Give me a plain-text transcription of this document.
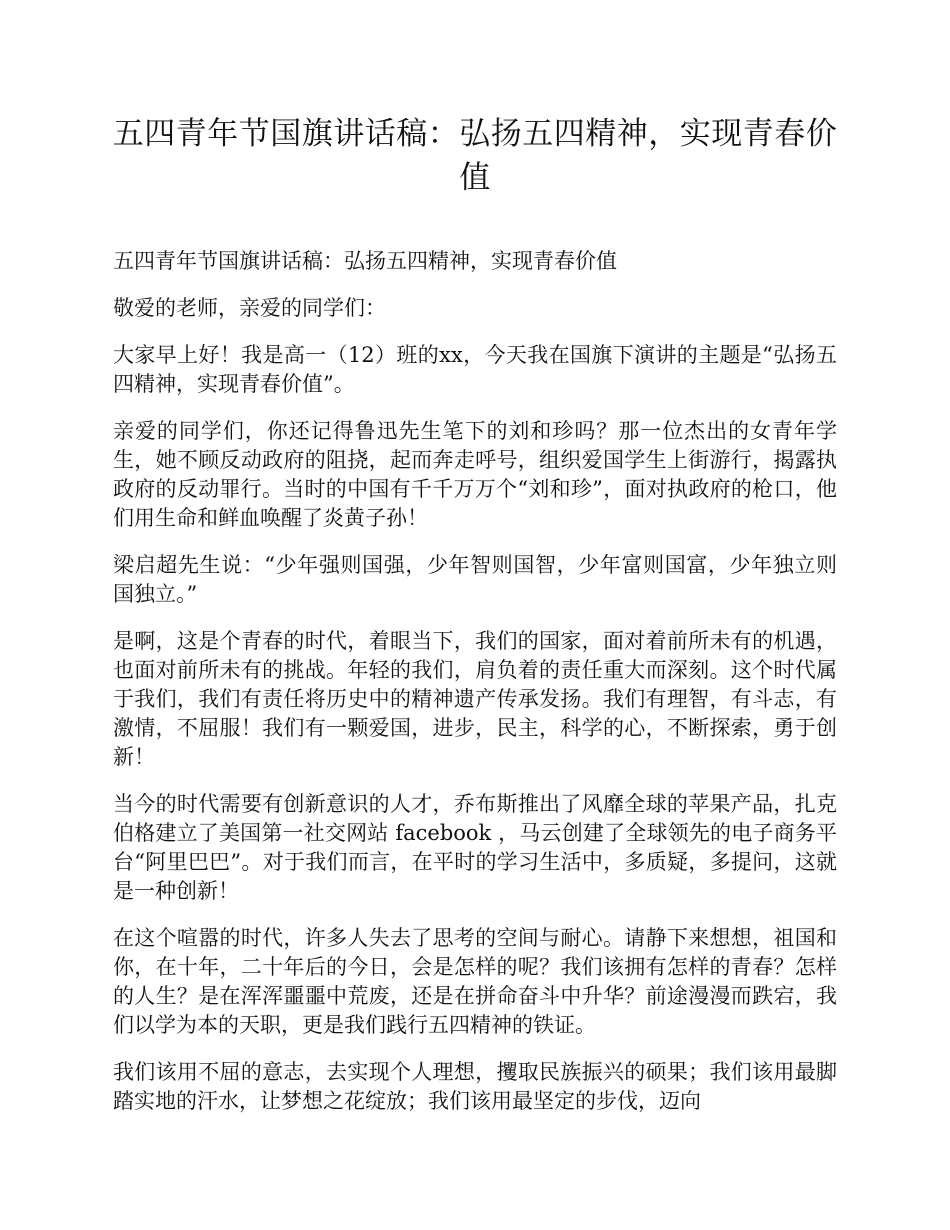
五四青年节国旗讲话稿：弘扬五四精神，实现青春价值

五四青年节国旗讲话稿：弘扬五四精神，实现青春价值

敬爱的老师，亲爱的同学们：

大家早上好！我是高一（12）班的xx，今天我在国旗下演讲的主题是“弘扬五四精神，实现青春价值”。

亲爱的同学们，你还记得鲁迅先生笔下的刘和珍吗？那一位杰出的女青年学生，她不顾反动政府的阻挠，起而奔走呼号，组织爱国学生上街游行，揭露执政府的反动罪行。当时的中国有千千万万个“刘和珍”，面对执政府的枪口，他们用生命和鲜血唤醒了炎黄子孙！

梁启超先生说：“少年强则国强，少年智则国智，少年富则国富，少年独立则国独立。”

是啊，这是个青春的时代，着眼当下，我们的国家，面对着前所未有的机遇，也面对前所未有的挑战。年轻的我们，肩负着的责任重大而深刻。这个时代属于我们，我们有责任将历史中的精神遗产传承发扬。我们有理智，有斗志，有激情，不屈服！我们有一颗爱国，进步，民主，科学的心，不断探索，勇于创新！

当今的时代需要有创新意识的人才，乔布斯推出了风靡全球的苹果产品，扎克伯格建立了美国第一社交网站 facebook ，马云创建了全球领先的电子商务平台“阿里巴巴”。对于我们而言，在平时的学习生活中，多质疑，多提问，这就是一种创新！

在这个喧嚣的时代，许多人失去了思考的空间与耐心。请静下来想想，祖国和你，在十年，二十年后的今日，会是怎样的呢？我们该拥有怎样的青春？怎样的人生？是在浑浑噩噩中荒废，还是在拼命奋斗中升华？前途漫漫而跌宕，我们以学为本的天职，更是我们践行五四精神的铁证。

我们该用不屈的意志，去实现个人理想，攫取民族振兴的硕果；我们该用最脚踏实地的汗水，让梦想之花绽放；我们该用最坚定的步伐，迈向
